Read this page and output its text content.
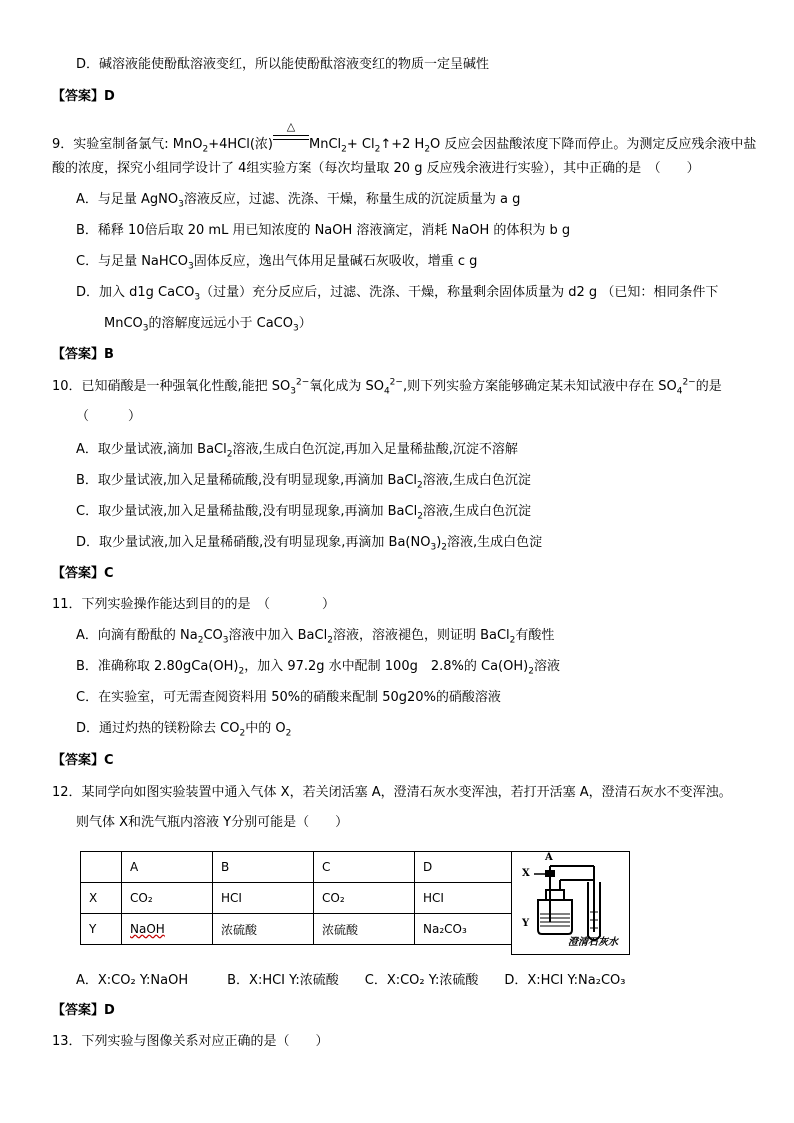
D．碱溶液能使酚酞溶液变红，所以能使酚酞溶液变红的物质一定呈碱性
【答案】D
9．实验室制备氯气: MnO$_2$+4HCl(浓)
△
MnCl$_2$+ $Cl_2↑+2$ $H_2O$ 反应会因盐酸浓度下降而停止。为测定反应残余液中盐
酸的浓度，探究小组同学设计了 4组实验方案（每次均量取 20 g 反应残余液进行实验），其中正确的是　（　　）
A．与足量 AgNO$_3$溶液反应，过滤、洗涤、干燥，称量生成的沉淀质量为 a g
B．稀释 10倍后取 20 mL 用已知浓度的 NaOH 溶液滴定，消耗 NaOH 的体积为 b g
C．与足量 NaHCO$_3$固体反应，逸出气体用足量碱石灰吸收，增重 c g
D．加入 d1g CaCO$_3$（过量）充分反应后，过滤、洗涤、干燥，称量剩余固体质量为 d2 g （已知：相同条件下
MnCO$_3$的溶解度远远小于 CaCO$_3$）
【答案】B
10．已知硝酸是一种强氧化性酸,能把 $SO_3^{2-}$氧化成为 $SO_4^{2-}$,则下列实验方案能够确定某未知试液中存在 $SO_4^{2-}$的是
（　　　）
A．取少量试液,滴加 BaCl$_2$溶液,生成白色沉淀,再加入足量稀盐酸,沉淀不溶解
B．取少量试液,加入足量稀硫酸,没有明显现象,再滴加 BaCl$_2$溶液,生成白色沉淀
C．取少量试液,加入足量稀盐酸,没有明显现象,再滴加 BaCl$_2$溶液,生成白色沉淀
D．取少量试液,加入足量稀硝酸,没有明显现象,再滴加 $Ba(NO_3)_2$溶液,生成白色淀
【答案】C
11．下列实验操作能达到目的的是　（　　　　）
A．向滴有酚酞的 $Na_2CO_3$溶液中加入 BaCl$_2$溶液，溶液褪色，则证明 BaCl$_2$有酸性
B．准确称取 $2.80gCa(OH)_2$，加入 97.2g 水中配制 100g　2.8%的 $Ca(OH)_2$溶液
C．在实验室，可无需查阅资料用 50%的硝酸来配制 50g20%的硝酸溶液
D．通过灼热的镁粉除去 $CO_2$中的 $O_2$
【答案】C
12．某同学向如图实验装置中通入气体 X，若关闭活塞 A，澄清石灰水变浑浊，若打开活塞 A，澄清石灰水不变浑浊。
则气体 X和洗气瓶内溶液 Y分别可能是（　　）
	A	B	C	D
X	CO₂	HCI	CO₂	HCI
Y	NaOH	浓硫酸	浓硫酸	Na₂CO₃
A
X
Y
澄清石灰水
A．X:CO₂ Y:NaOH　　　B．X:HCI Y:浓硫酸　　C．X:CO₂ Y:浓硫酸　　D．X:HCI Y:Na₂CO₃
【答案】D
13．下列实验与图像关系对应正确的是（　　）
